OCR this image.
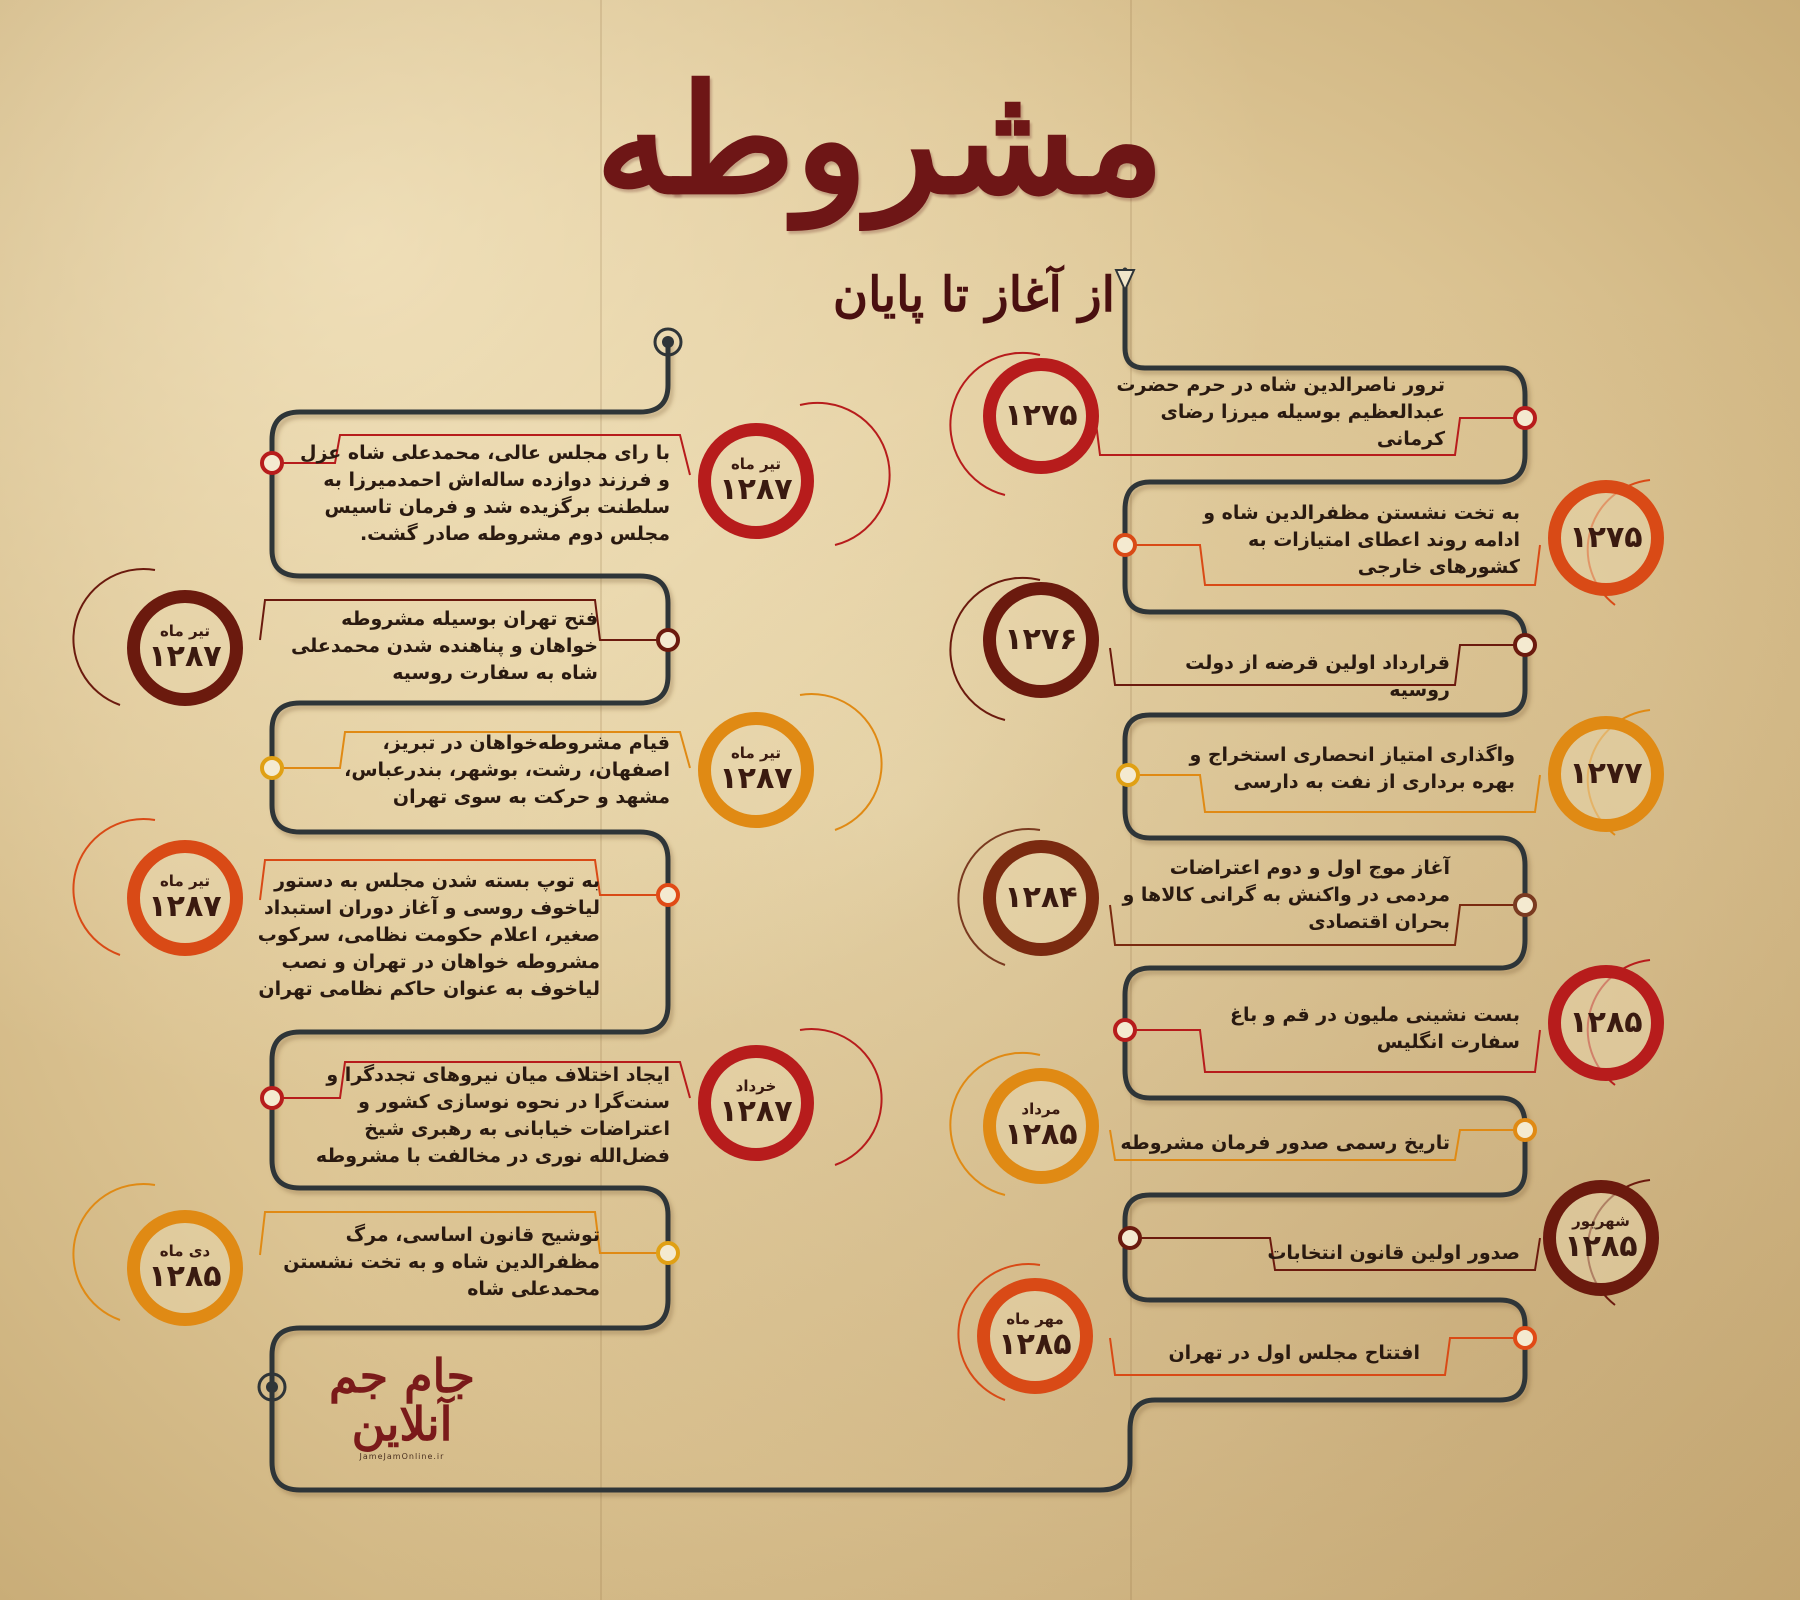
مشروطه
از آغاز تا پایان
۱۲۷۵
ترور ناصرالدین شاه در حرم حضرت عبدالعظیم بوسیله میرزا رضای کرمانی
۱۲۷۵
به تخت نشستن مظفرالدین شاه و ادامه روند اعطای امتیازات به کشورهای خارجی
۱۲۷۶
قرارداد اولین قرضه از دولت روسیه
۱۲۷۷
واگذاری امتیاز انحصاری استخراج و بهره برداری از نفت به دارسی
۱۲۸۴
آغاز موج اول و دوم اعتراضات مردمی در واکنش به گرانی کالاها و بحران اقتصادی
۱۲۸۵
بست نشینی ملیون در قم و باغ سفارت انگلیس
مرداد
۱۲۸۵ تاریخ رسمی صدور فرمان مشروطه
شهریور
۱۲۸۵
صدور اولین قانون انتخابات
مهر ماه
۱۲۸۵	افتتاح مجلس اول در تهران
تیر ماه
۱۲۸۷
با رای مجلس عالی، محمدعلی شاه عزل و فرزند دوازده ساله‌اش احمدمیرزا به سلطنت برگزیده شد و فرمان تاسیس مجلس دوم مشروطه صادر گشت.
تیر ماه
۱۲۸۷
فتح تهران بوسیله مشروطه خواهان و پناهنده شدن محمدعلی شاه به سفارت روسیه
تیر ماه
۱۲۸۷
قیام مشروطه‌خواهان در تبریز، اصفهان، رشت، بوشهر، بندرعباس، مشهد و حرکت به سوی تهران
تیر ماه
۱۲۸۷
به توپ بسته شدن مجلس به دستور لیاخوف روسی و آغاز دوران استبداد صغیر، اعلام حکومت نظامی، سرکوب مشروطه خواهان در تهران و نصب لیاخوف به عنوان حاکم نظامی تهران
خرداد
۱۲۸۷
ایجاد اختلاف میان نیروهای تجددگرا و سنت‌گرا در نحوه نوسازی کشور و اعتراضات خیابانی به رهبری شیخ فضل‌الله نوری در مخالفت با مشروطه
دی ماه
۱۲۸۵
توشیح قانون اساسی، مرگ مظفرالدین شاه و به تخت نشستن محمدعلی شاه
جام جم
آنلاین
JameJamOnline.ir
